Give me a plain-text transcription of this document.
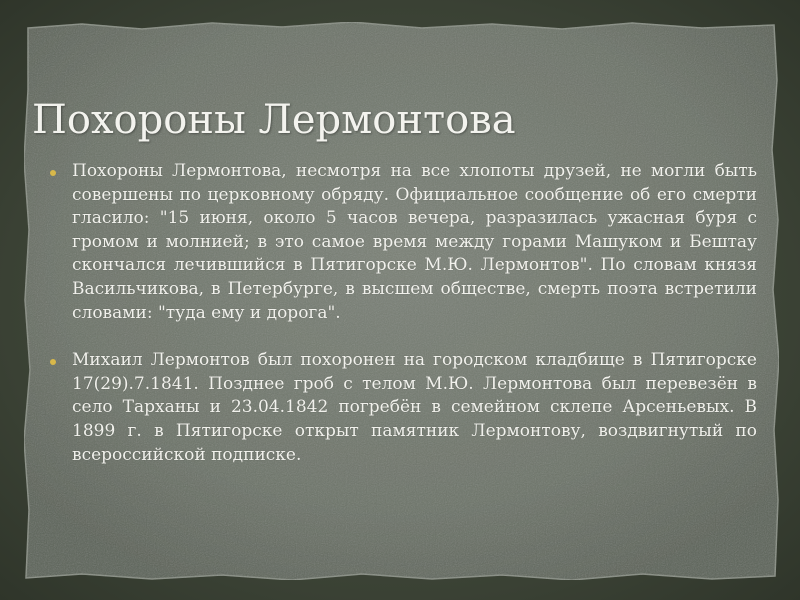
Похороны Лермонтова

Похороны Лермонтова, несмотря на все хлопоты друзей, не могли быть совершены по церковному обряду. Официальное сообщение об его смерти гласило: "15 июня, около 5 часов вечера, разразилась ужасная буря с громом и молнией; в это самое время между горами Машуком и Бештау скончался лечившийся в Пятигорске М.Ю. Лермонтов". По словам князя Васильчикова, в Петербурге, в высшем обществе, смерть поэта встретили словами: "туда ему и дорога".

Михаил Лермонтов был похоронен на городском кладбище в Пятигорске 17(29).7.1841. Позднее гроб с телом М.Ю. Лермонтова был перевезён в село Тарханы и 23.04.1842 погребён в семейном склепе Арсеньевых. В 1899 г. в Пятигорске открыт памятник Лермонтову, воздвигнутый по всероссийской подписке.
